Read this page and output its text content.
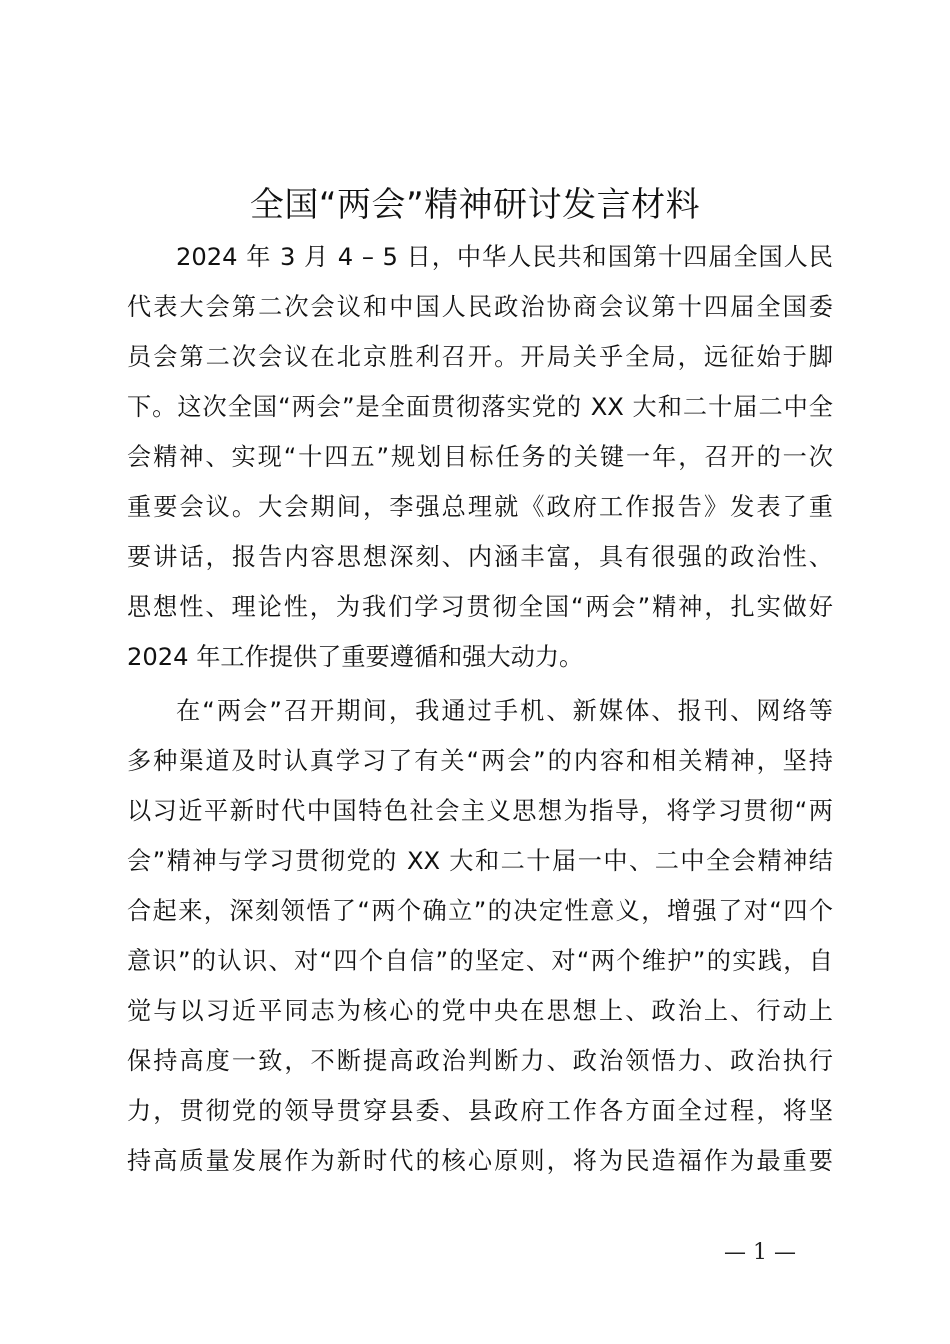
全国“两会”精神研讨发言材料
2024 年 3 月 4 – 5 日，中华人民共和国第十四届全国人民
代表大会第二次会议和中国人民政治协商会议第十四届全国委
员会第二次会议在北京胜利召开。开局关乎全局，远征始于脚
下。这次全国“两会”是全面贯彻落实党的 XX 大和二十届二中全
会精神、实现“十四五”规划目标任务的关键一年，召开的一次
重要会议。大会期间，李强总理就《政府工作报告》发表了重
要讲话，报告内容思想深刻、内涵丰富，具有很强的政治性、
思想性、理论性，为我们学习贯彻全国“两会”精神，扎实做好
2024 年工作提供了重要遵循和强大动力。
在“两会”召开期间，我通过手机、新媒体、报刊、网络等
多种渠道及时认真学习了有关“两会”的内容和相关精神，坚持
以习近平新时代中国特色社会主义思想为指导，将学习贯彻“两
会”精神与学习贯彻党的 XX 大和二十届一中、二中全会精神结
合起来，深刻领悟了“两个确立”的决定性意义，增强了对“四个
意识”的认识、对“四个自信”的坚定、对“两个维护”的实践，自
觉与以习近平同志为核心的党中央在思想上、政治上、行动上
保持高度一致，不断提高政治判断力、政治领悟力、政治执行
力，贯彻党的领导贯穿县委、县政府工作各方面全过程，将坚
持高质量发展作为新时代的核心原则，将为民造福作为最重要
— 1 —
